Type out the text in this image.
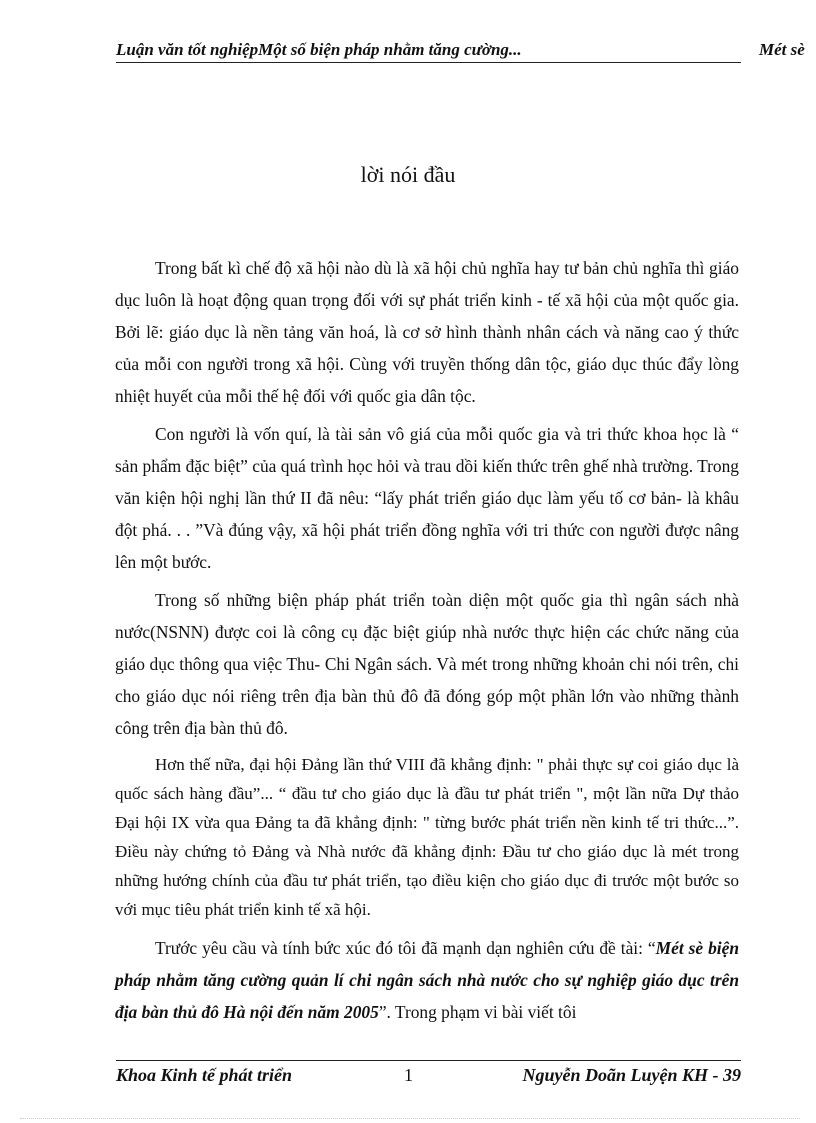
Luận văn tốt nghiệpMột số biện pháp nhằm tăng cường...	Mét sè
lời nói đầu

Trong bất kì chế độ xã hội nào dù là xã hội chủ nghĩa hay tư bản chủ nghĩa thì giáo dục luôn là hoạt động quan trọng đối với sự phát triển kinh - tế xã hội của một quốc gia. Bởi lẽ: giáo dục là nền tảng văn hoá, là cơ sở hình thành nhân cách và năng cao ý thức của mỗi con người trong xã hội. Cùng với truyền thống dân tộc, giáo dục thúc đẩy lòng nhiệt huyết của mỗi thế hệ đối với quốc gia dân tộc.

Con người là vốn quí, là tài sản vô giá của mỗi quốc gia và tri thức khoa học là “ sản phẩm đặc biệt” của quá trình học hỏi và trau dồi kiến thức trên ghế nhà trường. Trong văn kiện hội nghị lần thứ II đã nêu: “lấy phát triển giáo dục làm yếu tố cơ bản- là khâu đột phá. . . ”Và đúng vậy, xã hội phát triển đồng nghĩa với tri thức con người được nâng lên một bước.

Trong số những biện pháp phát triển toàn diện một quốc gia thì ngân sách nhà nước(NSNN) được coi là công cụ đặc biệt giúp nhà nước thực hiện các chức năng của giáo dục thông qua việc Thu- Chi Ngân sách. Và mét trong những khoản chi nói trên, chi cho giáo dục nói riêng trên địa bàn thủ đô đã đóng góp một phần lớn vào những thành công trên địa bàn thủ đô.

Hơn thế nữa, đại hội Đảng lần thứ VIII đã khẳng định: " phải thực sự coi giáo dục là quốc sách hàng đầu”... “ đầu tư cho giáo dục là đầu tư phát triển ", một lần nữa Dự thảo Đại hội IX vừa qua Đảng ta đã khẳng định: " từng bước phát triển nền kinh tế tri thức...”. Điều này chứng tỏ Đảng và Nhà nước đã khẳng định: Đầu tư cho giáo dục là mét trong những hướng chính của đầu tư phát triển, tạo điều kiện cho giáo dục đi trước một bước so với mục tiêu phát triển kinh tế xã hội.

Trước yêu cầu và tính bức xúc đó tôi đã mạnh dạn nghiên cứu đề tài: “Mét sè biện pháp nhằm tăng cường quản lí chi ngân sách nhà nước cho sự nghiệp giáo dục trên địa bàn thủ đô Hà nội đến năm 2005”. Trong phạm vi bài viết tôi

Khoa Kinh tế phát triển	1	Nguyễn Doãn Luyện KH - 39
